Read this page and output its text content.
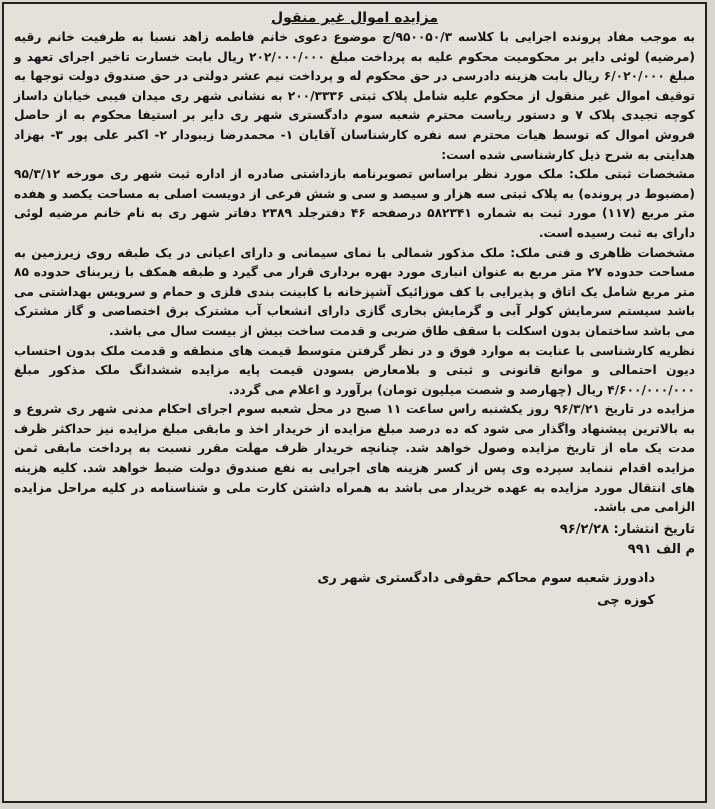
مزایده اموال غیر منقول

به موجب مفاد پرونده اجرایی با کلاسه ۹۵۰۰۵۰/۳/ج موضوع دعوی خانم فاطمه زاهد نسبا به طرفیت خانم رقیه (مرضیه) لوئی دایر بر محکومیت محکوم علیه به پرداخت مبلغ ۲۰۲/۰۰۰/۰۰۰ ریال بابت خسارت تاخیر اجرای تعهد و مبلغ ۶/۰۲۰/۰۰۰ ریال بابت هزینه دادرسی در حق محکوم له و پرداخت نیم عشر دولتی در حق صندوق دولت توجها به توقیف اموال غیر منقول از محکوم علیه شامل پلاک ثبتی ۲۰۰/۳۳۳۶ به نشانی شهر ری میدان فیبی خیابان داساز کوچه تجیدی پلاک ۷ و دستور ریاست محترم شعبه سوم دادگستری شهر ری دایر بر استیفا محکوم به از حاصل فروش اموال که توسط هیات محترم سه نفره کارشناسان آقایان ۱- محمدرضا زیبودار ۲- اکبر علی پور ۳- بهزاد هدایتی به شرح ذیل کارشناسی شده است:

مشخصات ثبتی ملک: ملک مورد نظر براساس تصویرنامه بازداشتی صادره از اداره ثبت شهر ری مورخه ۹۵/۳/۱۲ (مضبوط در پرونده) به پلاک ثبتی سه هزار و سیصد و سی و شش فرعی از دویست اصلی به مساحت یکصد و هفده متر مربع (۱۱۷) مورد ثبت به شماره ۵۸۲۳۴۱ درصفحه ۴۶ دفترجلد ۲۳۸۹ دفاتر شهر ری به نام خانم مرضیه لوئی دارای به ثبت رسیده است.

مشخصات ظاهری و فنی ملک: ملک مذکور شمالی با نمای سیمانی و دارای اعیانی در یک طبقه روی زیرزمین به مساحت حدوده ۲۷ متر مربع به عنوان انباری مورد بهره برداری قرار می گیرد و طبقه همکف با زیربنای حدوده ۸۵ متر مربع شامل یک اتاق و پذیرایی با کف موزائیک آشپزخانه با کابینت بندی فلزی و حمام و سرویس بهداشتی می باشد سیستم سرمایش کولر آبی و گرمایش بخاری گازی دارای انشعاب آب مشترک برق اختصاصی و گاز مشترک می باشد ساختمان بدون اسکلت با سقف طاق ضربی و قدمت ساخت بیش از بیست سال می باشد.

نظریه کارشناسی با عنایت به موارد فوق و در نظر گرفتن متوسط قیمت های منطقه و قدمت ملک بدون احتساب دیون احتمالی و موانع قانونی و ثبتی و بلامعارض بسودن قیمت پایه مزایده ششدانگ ملک مذکور مبلغ ۴/۶۰۰/۰۰۰/۰۰۰ ریال (چهارصد و شصت میلیون تومان) برآورد و اعلام می گردد.

مزایده در تاریخ ۹۶/۳/۲۱ روز یکشنبه راس ساعت ۱۱ صبح در محل شعبه سوم اجرای احکام مدنی شهر ری شروع و به بالاترین پیشنهاد واگذار می شود که ده درصد مبلغ مزایده از خریدار اخذ و مابقی مبلغ مزایده نیز حداکثر ظرف مدت یک ماه از تاریخ مزایده وصول خواهد شد. چنانچه خریدار ظرف مهلت مقرر نسبت به پرداخت مابقی ثمن مزایده اقدام ننماید سپرده وی پس از کسر هزینه های اجرایی به نفع صندوق دولت ضبط خواهد شد. کلیه هزینه های انتقال مورد مزایده به عهده خریدار می باشد به همراه داشتن کارت ملی و شناسنامه در کلیه مراحل مزایده الزامی می باشد.

تاریخ انتشار: ۹۶/۲/۲۸
م الف ۹۹۱
دادورز شعبه سوم محاکم حقوقی دادگستری شهر ری
کوزه چی
